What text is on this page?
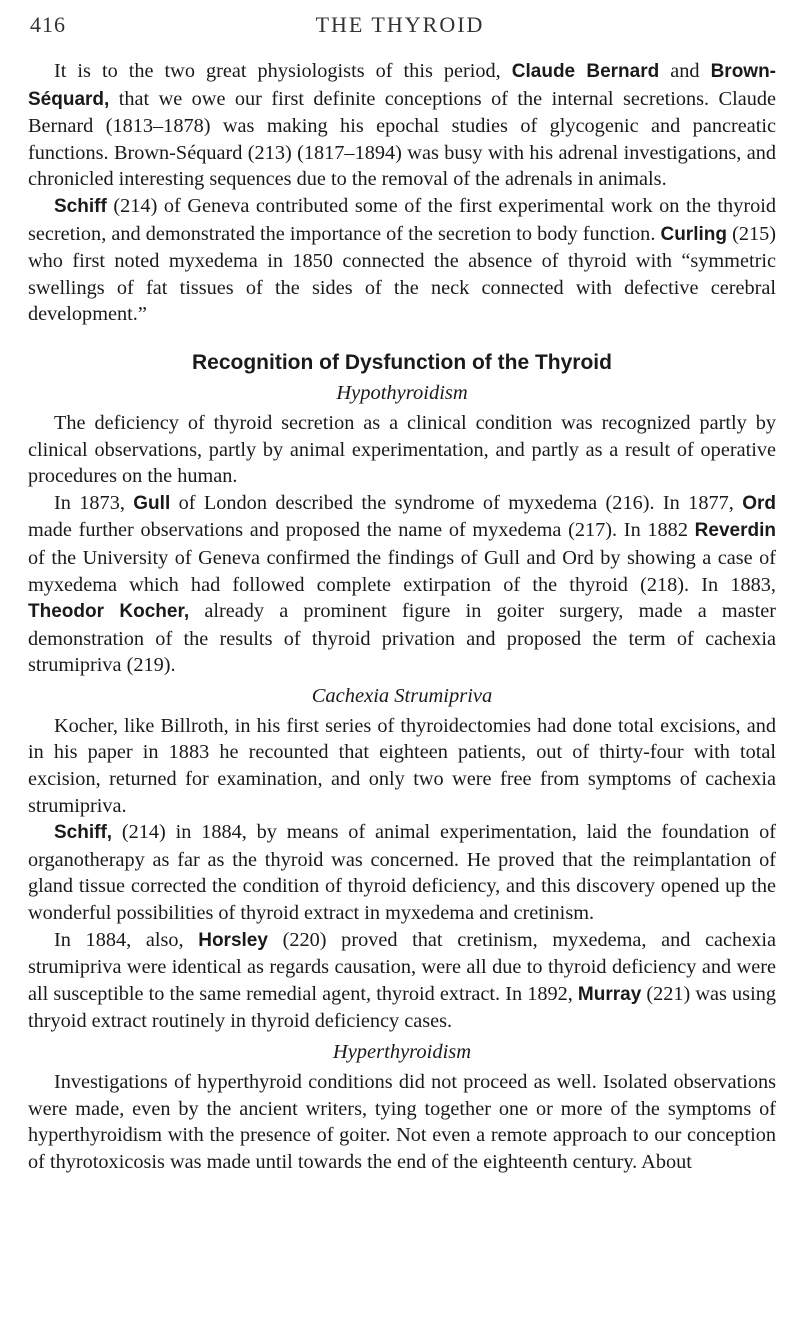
416	THE THYROID

It is to the two great physiologists of this period, Claude Bernard and Brown-Séquard, that we owe our first definite conceptions of the internal secretions. Claude Bernard (1813–1878) was making his epochal studies of glycogenic and pancreatic functions. Brown-Séquard (213) (1817–1894) was busy with his adrenal investigations, and chronicled interesting sequences due to the removal of the adrenals in animals.

Schiff (214) of Geneva contributed some of the first experimental work on the thyroid secretion, and demonstrated the importance of the secretion to body function. Curling (215) who first noted myxedema in 1850 connected the absence of thyroid with “symmetric swellings of fat tissues of the sides of the neck connected with defective cerebral development.”

Recognition of Dysfunction of the Thyroid
Hypothyroidism

The deficiency of thyroid secretion as a clinical condition was recognized partly by clinical observations, partly by animal experimentation, and partly as a result of operative procedures on the human.

In 1873, Gull of London described the syndrome of myxedema (216). In 1877, Ord made further observations and proposed the name of myxedema (217). In 1882 Reverdin of the University of Geneva confirmed the findings of Gull and Ord by showing a case of myxedema which had followed complete extirpation of the thyroid (218). In 1883, Theodor Kocher, already a prominent figure in goiter surgery, made a master demonstration of the results of thyroid privation and proposed the term of cachexia strumipriva (219).

Cachexia Strumipriva

Kocher, like Billroth, in his first series of thyroidectomies had done total excisions, and in his paper in 1883 he recounted that eighteen patients, out of thirty-four with total excision, returned for examination, and only two were free from symptoms of cachexia strumipriva.

Schiff, (214) in 1884, by means of animal experimentation, laid the foundation of organotherapy as far as the thyroid was concerned. He proved that the reimplantation of gland tissue corrected the condition of thyroid deficiency, and this discovery opened up the wonderful possibilities of thyroid extract in myxedema and cretinism.

In 1884, also, Horsley (220) proved that cretinism, myxedema, and cachexia strumipriva were identical as regards causation, were all due to thyroid deficiency and were all susceptible to the same remedial agent, thyroid extract. In 1892, Murray (221) was using thryoid extract routinely in thyroid deficiency cases.

Hyperthyroidism

Investigations of hyperthyroid conditions did not proceed as well. Isolated observations were made, even by the ancient writers, tying together one or more of the symptoms of hyperthyroidism with the presence of goiter. Not even a remote approach to our conception of thyrotoxicosis was made until towards the end of the eighteenth century. About
